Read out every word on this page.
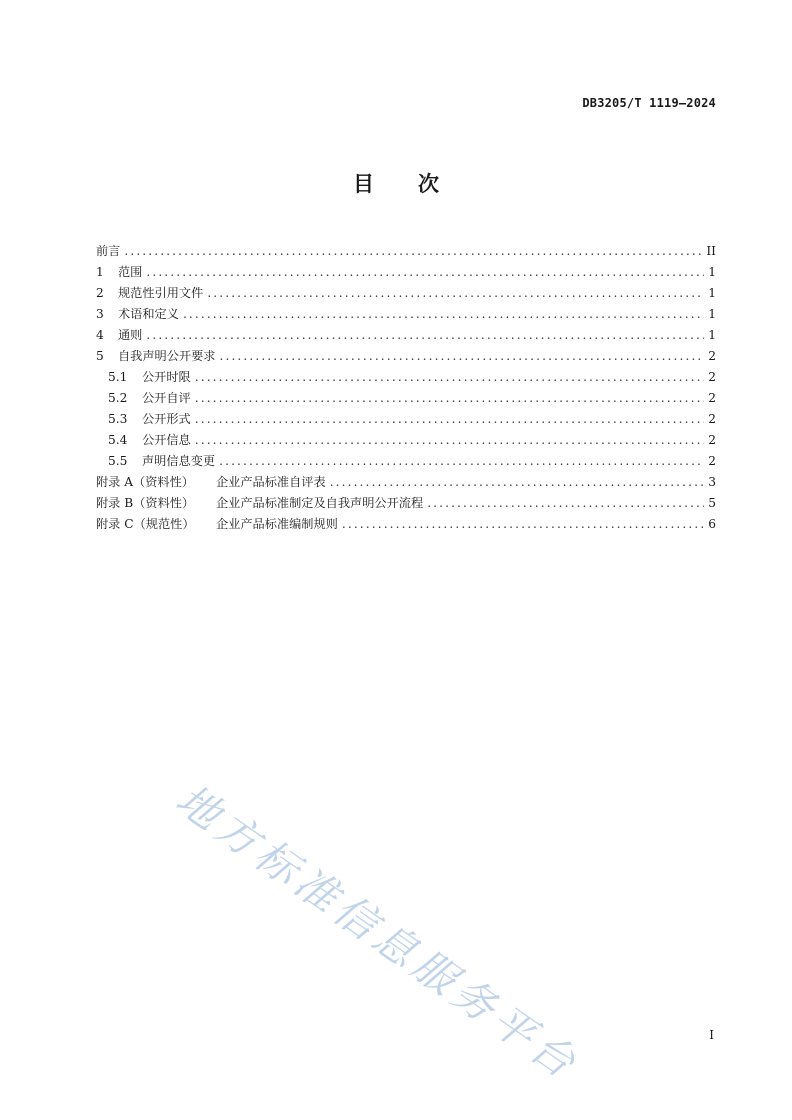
DB3205/T 1119—2024
目 次
前言 .....	II
1	范围 .....	1
2	规范性引用文件 .....	1
3	术语和定义 .....	1
4	通则 .....	1
5	自我声明公开要求 .....	2
5.1	公开时限 .....	2
5.2	公开自评 .....	2
5.3	公开形式 .....	2
5.4	公开信息 .....	2
5.5	声明信息变更 .....	2
附录 A（资料性）	企业产品标准自评表 .....	3
附录 B（资料性）	企业产品标准制定及自我声明公开流程 .....	5
附录 C（规范性）	企业产品标准编制规则 .....	6
地方标准信息服务平台	I
